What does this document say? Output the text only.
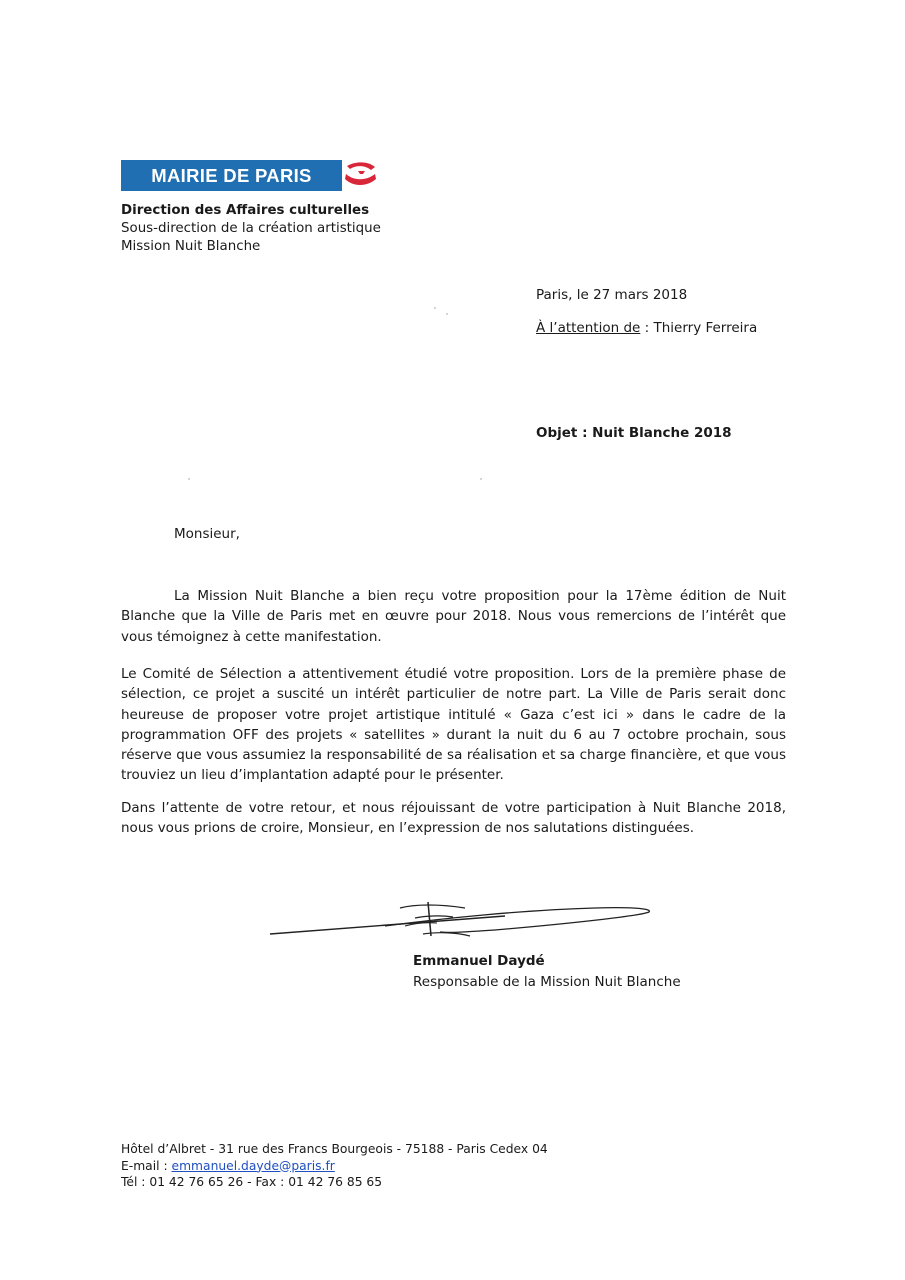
MAIRIE DE PARIS
Direction des Affaires culturelles
Sous-direction de la création artistique
Mission Nuit Blanche
Paris, le 27 mars 2018
À l’attention de : Thierry Ferreira
Objet : Nuit Blanche 2018
Monsieur,

La Mission Nuit Blanche a bien reçu votre proposition pour la 17ème édition de Nuit Blanche que la Ville de Paris met en œuvre pour 2018. Nous vous remercions de l’intérêt que vous témoignez à cette manifestation.

Le Comité de Sélection a attentivement étudié votre proposition. Lors de la première phase de sélection, ce projet a suscité un intérêt particulier de notre part. La Ville de Paris serait donc heureuse de proposer votre projet artistique intitulé « Gaza c’est ici » dans le cadre de la programmation OFF des projets « satellites » durant la nuit du 6 au 7 octobre prochain, sous réserve que vous assumiez la responsabilité de sa réalisation et sa charge financière, et que vous trouviez un lieu d’implantation adapté pour le présenter.

Dans l’attente de votre retour, et nous réjouissant de votre participation à Nuit Blanche 2018, nous vous prions de croire, Monsieur, en l’expression de nos salutations distinguées.

Emmanuel Daydé
Responsable de la Mission Nuit Blanche
Hôtel d’Albret - 31 rue des Francs Bourgeois - 75188 - Paris Cedex 04
E-mail : emmanuel.dayde@paris.fr
Tél : 01 42 76 65 26 - Fax : 01 42 76 85 65
